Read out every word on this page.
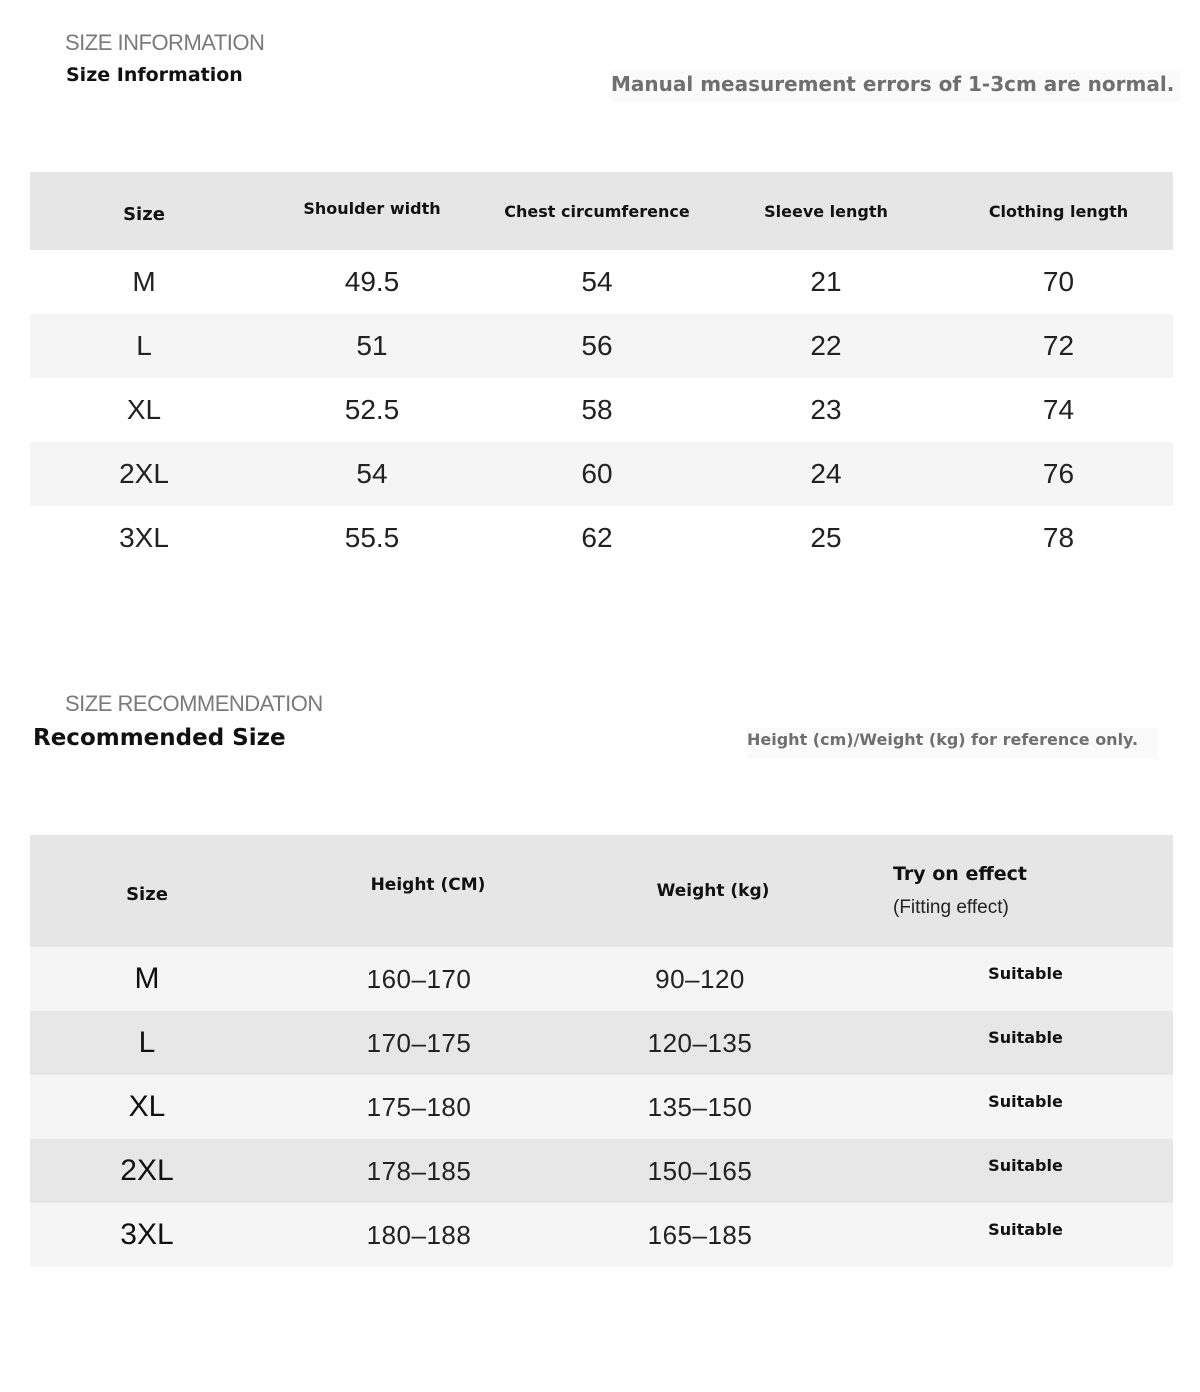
SIZE INFORMATION
Size Information	Manual measurement errors of 1-3cm are normal.
Size	Shoulder width	Chest circumference	Sleeve length	Clothing length
M	49.5	54	21	70
L	51	56	22	72
XL	52.5	58	23	74
2XL	54	60	24	76
3XL	55.5	62	25	78
SIZE RECOMMENDATION
Recommended Size	Height (cm)/Weight (kg) for reference only.
Size	Height (CM)	Weight (kg)
Try on effect
(Fitting effect)
M	160–170	90–120	Suitable
L	170–175	120–135	Suitable
XL	175–180	135–150	Suitable
2XL	178–185	150–165	Suitable
3XL	180–188	165–185	Suitable
